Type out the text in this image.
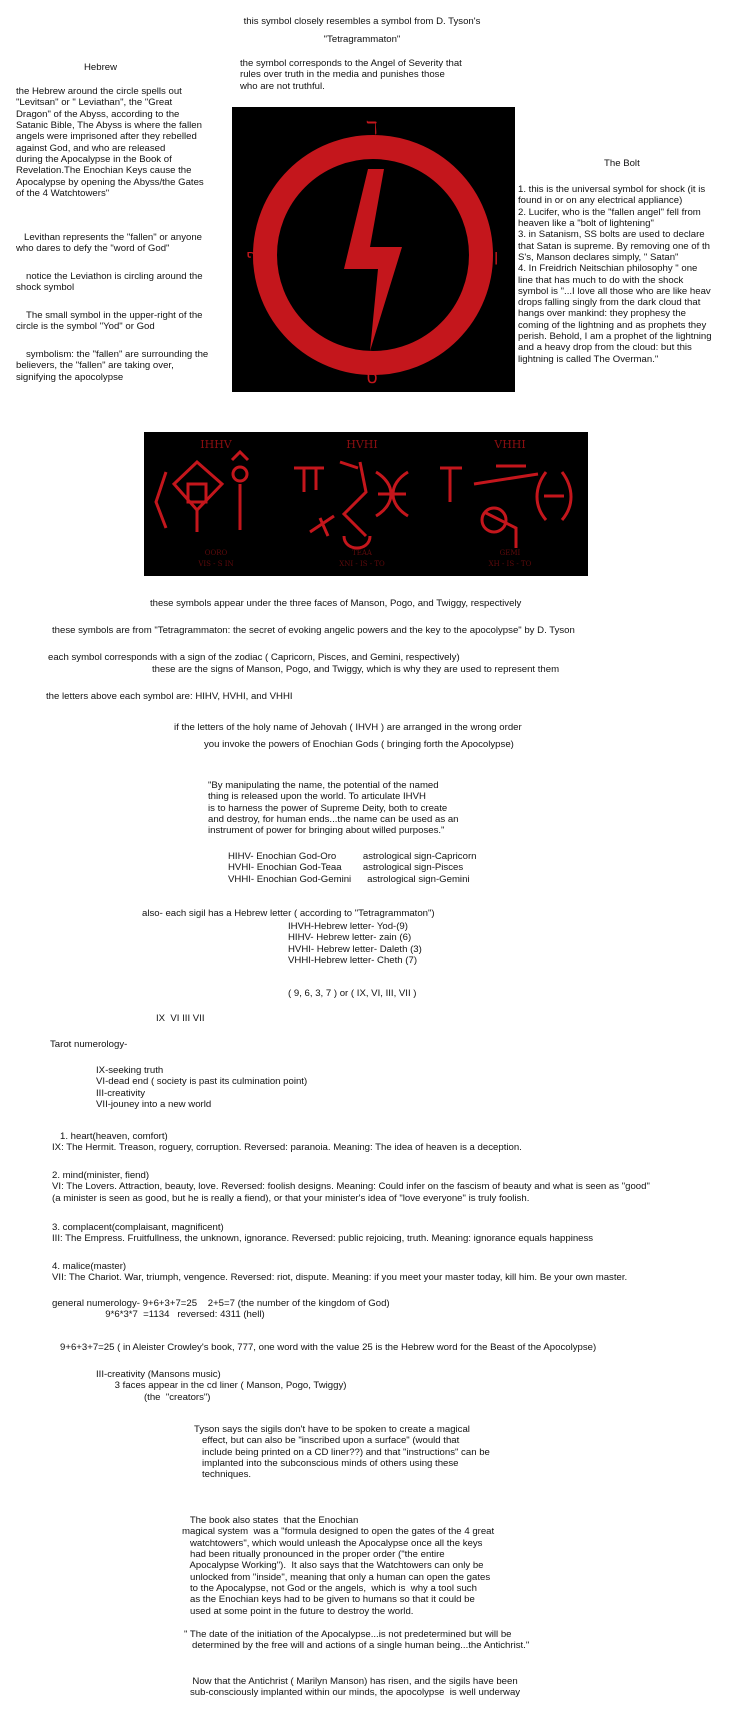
this symbol closely resembles a symbol from D. Tyson's
"Tetragrammaton"
the symbol corresponds to the Angel of Severity that
rules over truth in the media and punishes those
who are not truthful.
Hebrew
the Hebrew around the circle spells out
"Levitsan" or " Leviathan", the "Great
Dragon" of the Abyss, according to the
Satanic Bible, The Abyss is where the fallen
angels were imprisoned after they rebelled
against God, and who are released
during the Apocalypse in the Book of
Revelation.The Enochian Keys cause the
Apocalypse by opening the Abyss/the Gates
of the 4 Watchtowers"
Levithan represents the "fallen" or anyone
who dares to defy the "word of God"
notice the Leviathon is circling around the
shock symbol
The small symbol in the upper-right of the
circle is the symbol "Yod" or God
symbolism: the "fallen" are surrounding the
believers, the "fallen" are taking over,
signifying the apocolypse
ℸ
ף	ן
ס
The Bolt
1. this is the universal symbol for shock (it is
found in or on any electrical appliance)
2. Lucifer, who is the "fallen angel" fell from
heaven like a "bolt of lightening"
3. in Satanism, SS bolts are used to declare
that Satan is supreme. By removing one of th
S's, Manson declares simply, " Satan"
4. In Freidrich Neitschian philosophy " one
line that has much to do with the shock
symbol is "...I love all those who are like heav
drops falling singly from the dark cloud that
hangs over mankind: they prophesy the
coming of the lightning and as prophets they
perish. Behold, I am a prophet of the lightning
and a heavy drop from the cloud: but this
lightning is called The Overman."
IHHV	HVHI	VHHI
OORO
VIS - S IN
TEAA
XNI - IS - TO
GEMI
XH - IS - TO
these symbols appear under the three faces of Manson, Pogo, and Twiggy, respectively
these symbols are from "Tetragrammaton: the secret of evoking angelic powers and the key to the apocolypse" by D. Tyson
each symbol corresponds with a sign of the zodiac ( Capricorn, Pisces, and Gemini, respectively)
these are the signs of Manson, Pogo, and Twiggy, which is why they are used to represent them
the letters above each symbol are: HIHV, HVHI, and VHHI
if the letters of the holy name of Jehovah ( IHVH ) are arranged in the wrong order
you invoke the powers of Enochian Gods ( bringing forth the Apocolypse)
"By manipulating the name, the potential of the named
thing is released upon the world. To articulate IHVH
is to harness the power of Supreme Deity, both to create
and destroy, for human ends...the name can be used as an
instrument of power for bringing about willed purposes."
HIHV- Enochian God-Oro          astrological sign-Capricorn
HVHI- Enochian God-Teaa        astrological sign-Pisces
VHHI- Enochian God-Gemini      astrological sign-Gemini
also- each sigil has a Hebrew letter ( according to "Tetragrammaton")
IHVH-Hebrew letter- Yod-(9)
HIHV- Hebrew letter- zain (6)
HVHI- Hebrew letter- Daleth (3)
VHHI-Hebrew letter- Cheth (7)
( 9, 6, 3, 7 ) or ( IX, VI, III, VII )
IX  VI III VII
Tarot numerology-
IX-seeking truth
VI-dead end ( society is past its culmination point)
III-creativity
VII-jouney into a new world
1. heart(heaven, comfort)
IX: The Hermit. Treason, roguery, corruption. Reversed: paranoia. Meaning: The idea of heaven is a deception.
2. mind(minister, fiend)
VI: The Lovers. Attraction, beauty, love. Reversed: foolish designs. Meaning: Could infer on the fascism of beauty and what is seen as "good"
(a minister is seen as good, but he is really a fiend), or that your minister's idea of "love everyone" is truly foolish.
3. complacent(complaisant, magnificent)
III: The Empress. Fruitfullness, the unknown, ignorance. Reversed: public rejoicing, truth. Meaning: ignorance equals happiness
4. malice(master)
VII: The Chariot. War, triumph, vengence. Reversed: riot, dispute. Meaning: if you meet your master today, kill him. Be your own master.
general numerology- 9+6+3+7=25    2+5=7 (the number of the kingdom of God)
9*6*3*7  =1134   reversed: 4311 (hell)
9+6+3+7=25 ( in Aleister Crowley's book, 777, one word with the value 25 is the Hebrew word for the Beast of the Apocolypse)
III-creativity (Mansons music)
3 faces appear in the cd liner ( Manson, Pogo, Twiggy)
(the  "creators")
Tyson says the sigils don't have to be spoken to create a magical
effect, but can also be "inscribed upon a surface" (would that
include being printed on a CD liner??) and that "instructions" can be
implanted into the subconscious minds of others using these
techniques.
The book also states  that the Enochian
magical system  was a "formula designed to open the gates of the 4 great
watchtowers", which would unleash the Apocalypse once all the keys
had been ritually pronounced in the proper order ("the entire
Apocalypse Working").  It also says that the Watchtowers can only be
unlocked from "inside", meaning that only a human can open the gates
to the Apocalypse, not God or the angels,  which is  why a tool such
as the Enochian keys had to be given to humans so that it could be
used at some point in the future to destroy the world.
" The date of the initiation of the Apocalypse...is not predetermined but will be
determined by the free will and actions of a single human being...the Antichrist."
Now that the Antichrist ( Marilyn Manson) has risen, and the sigils have been
sub-consciously implanted within our minds, the apocolypse  is well underway
